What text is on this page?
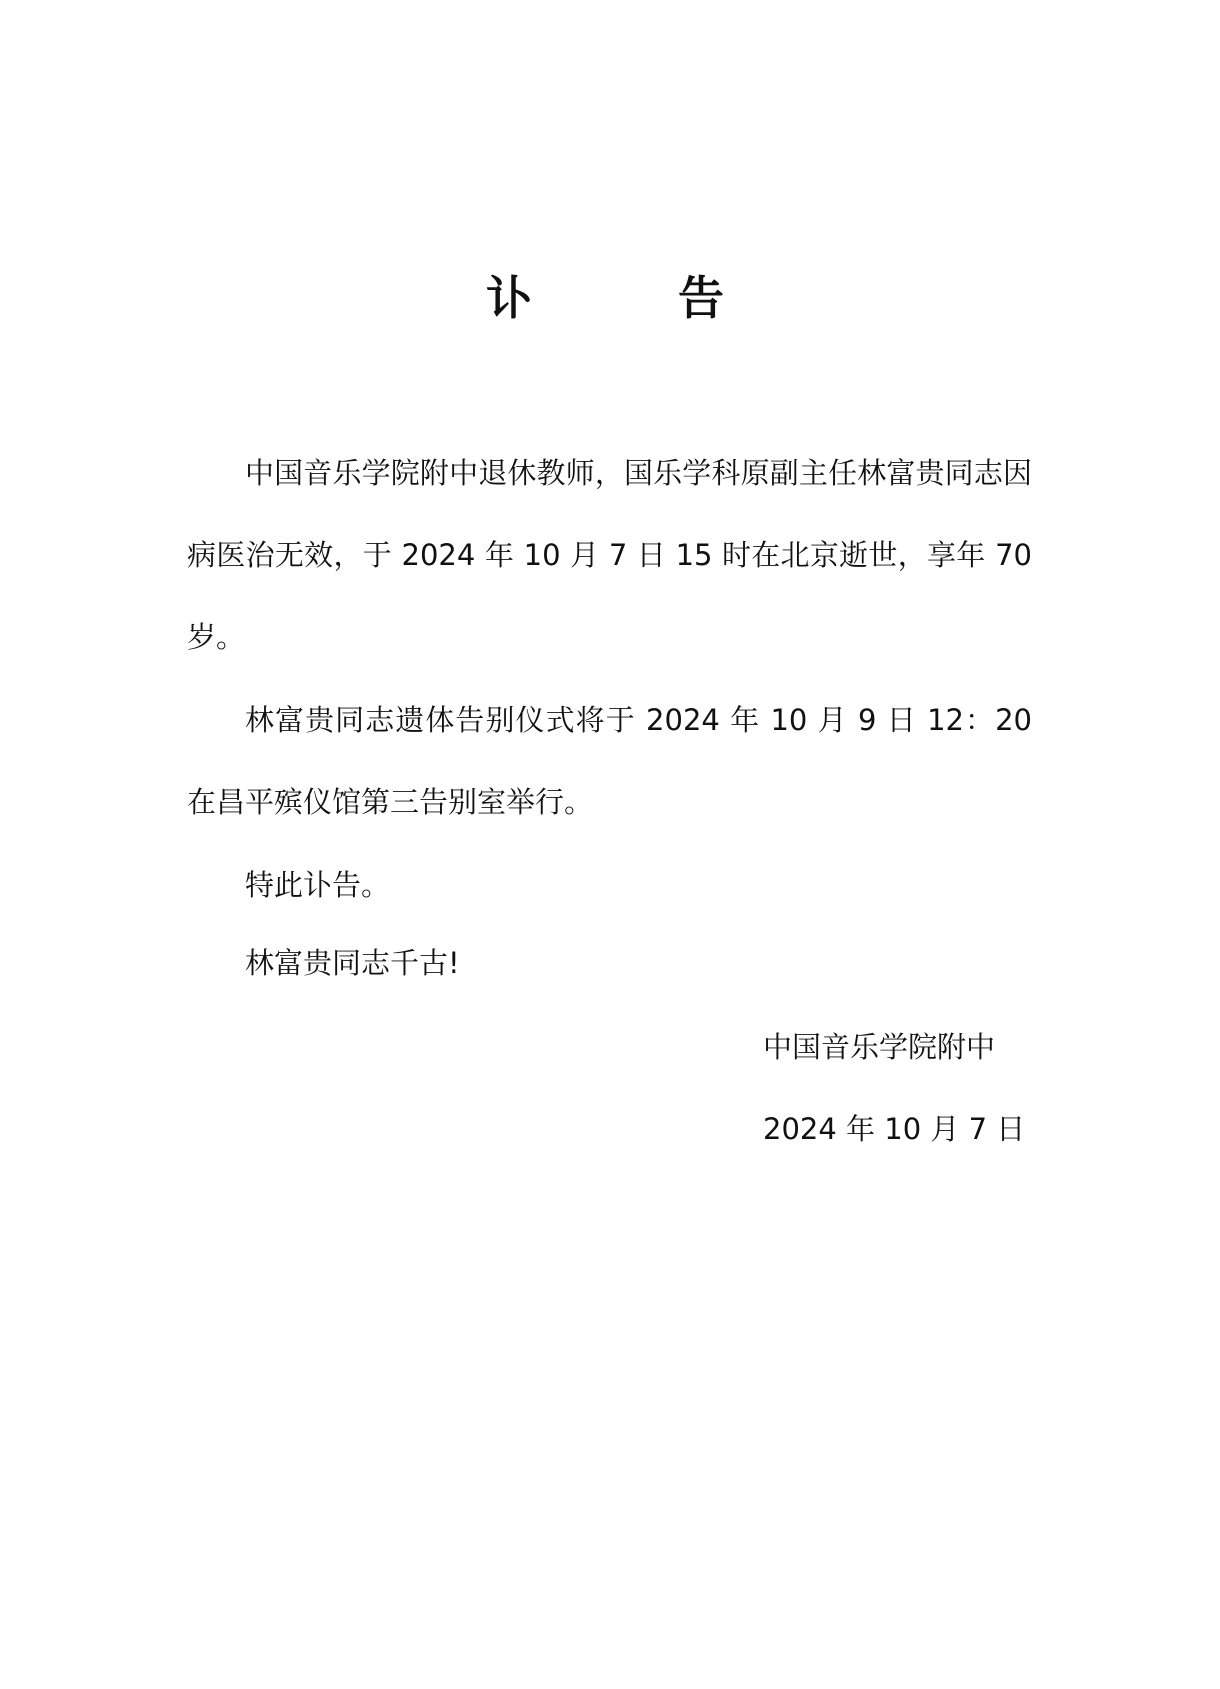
讣　告

中国音乐学院附中退休教师，国乐学科原副主任林富贵同志因病医治无效，于 2024 年 10 月 7 日 15 时在北京逝世，享年 70 岁。

林富贵同志遗体告别仪式将于 2024 年 10 月 9 日 12：20 在昌平殡仪馆第三告别室举行。

特此讣告。
林富贵同志千古!
中国音乐学院附中
2024 年 10 月 7 日
